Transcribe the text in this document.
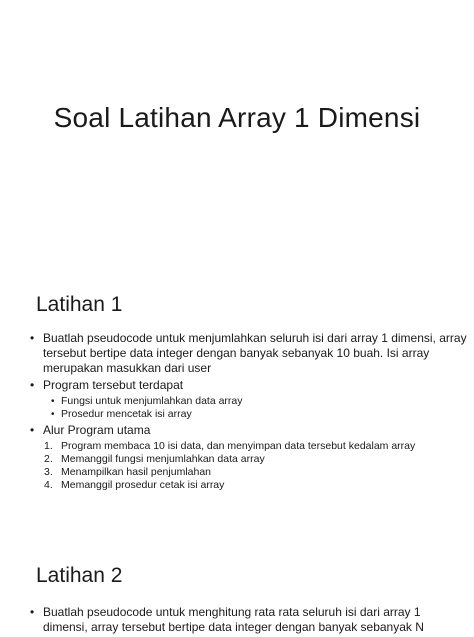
Soal Latihan Array 1 Dimensi
Latihan 1
• Buatlah pseudocode untuk menjumlahkan seluruh isi dari array 1 dimensi, array tersebut bertipe data integer dengan banyak sebanyak 10 buah. Isi array merupakan masukkan dari user
• Program tersebut terdapat
• Fungsi untuk menjumlahkan data array
• Prosedur mencetak isi array
• Alur Program utama
1. Program membaca 10 isi data, dan menyimpan data tersebut kedalam array
2. Memanggil fungsi menjumlahkan data array
3. Menampilkan hasil penjumlahan
4. Memanggil prosedur cetak isi array
Latihan 2
• Buatlah pseudocode untuk menghitung rata rata seluruh isi dari array 1 dimensi, array tersebut bertipe data integer dengan banyak sebanyak N
